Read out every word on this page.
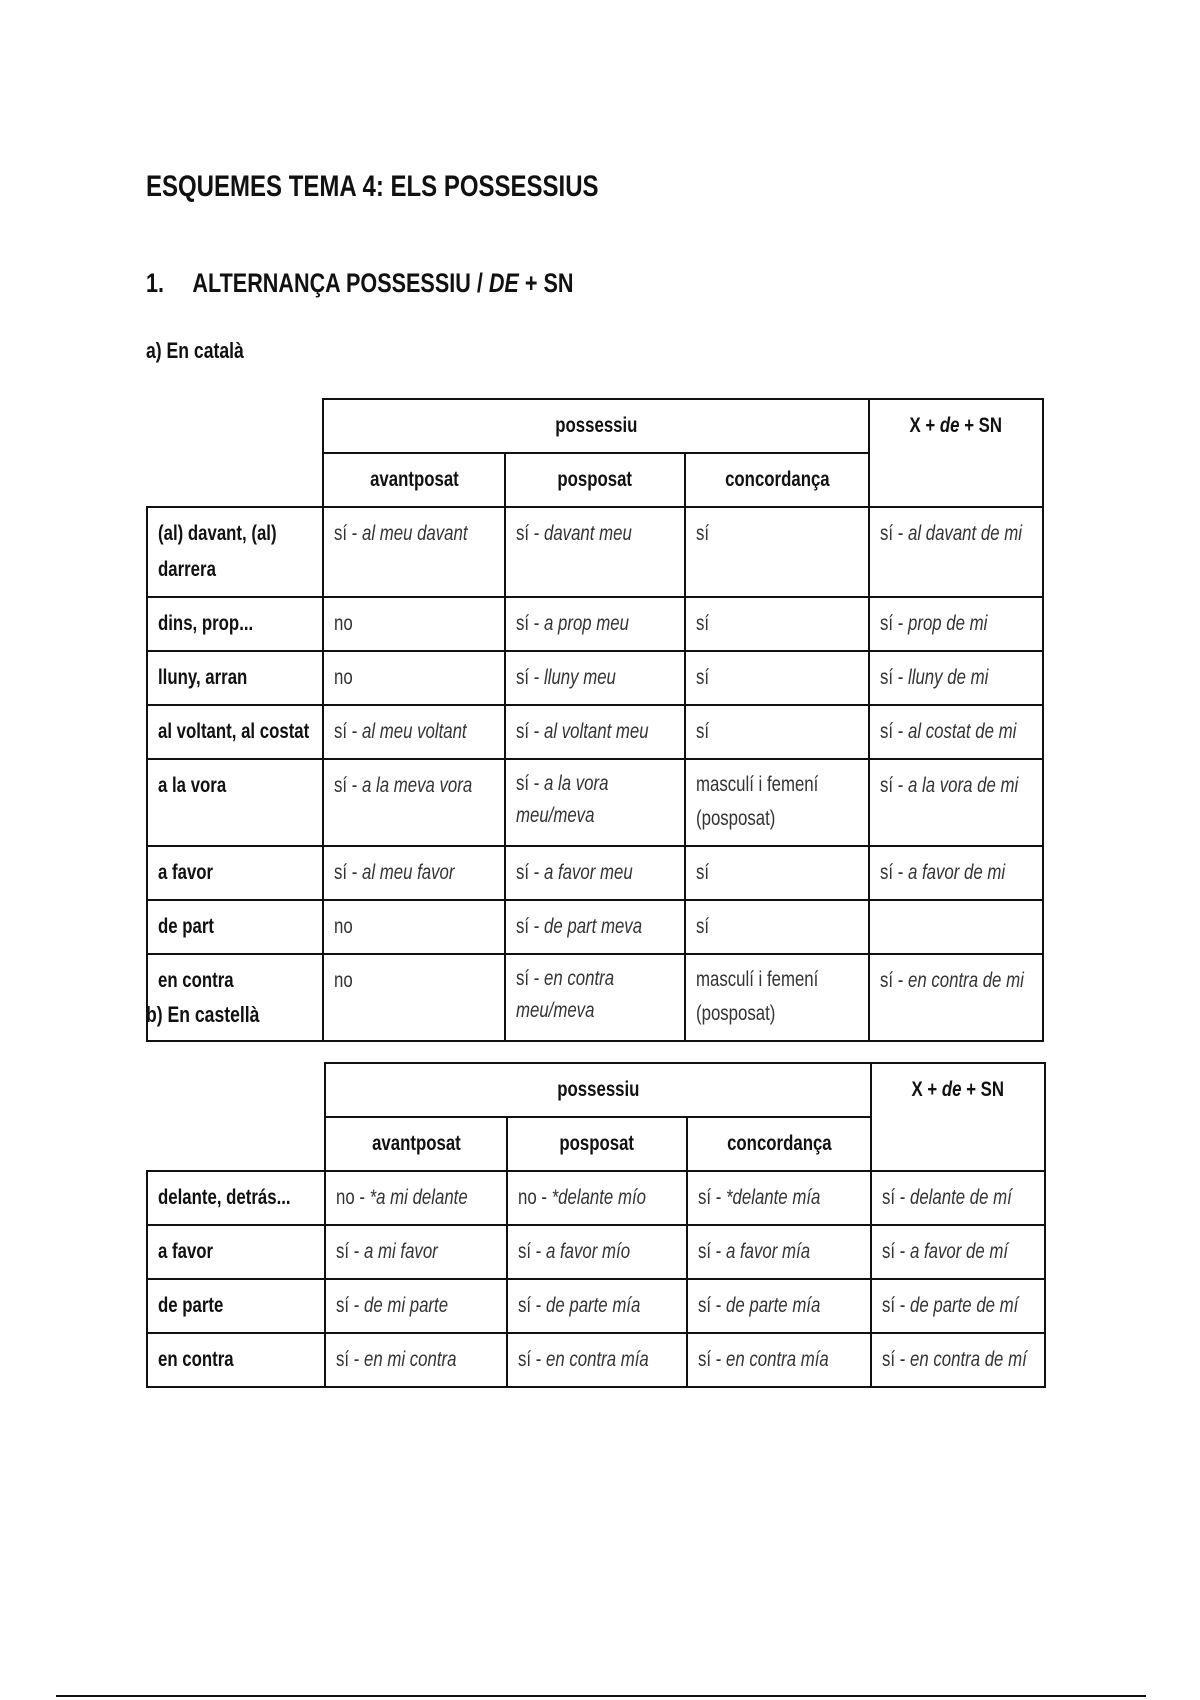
ESQUEMES TEMA 4: ELS POSSESSIUS
1. ALTERNANÇA POSSESSIU / DE + SN
a) En català
	possessiu			X + de + SN
	avantposat	posposat	concordança	
(al) davant, (al) darrera	sí - al meu davant	sí - davant meu	sí	sí - al davant de mi
dins, prop...	no	sí - a prop meu	sí	sí - prop de mi
lluny, arran	no	sí - lluny meu	sí	sí - lluny de mi
al voltant, al costat	sí - al meu voltant	sí - al voltant meu	sí	sí - al costat de mi
a la vora	sí - a la meva vora	sí - a la vora meu/meva	masculí i femení (posposat)	sí - a la vora de mi
a favor	sí - al meu favor	sí - a favor meu	sí	sí - a favor de mi
de part	no	sí - de part meva	sí	
en contra	no	sí - en contra meu/meva	masculí i femení (posposat)	sí - en contra de mi
b) En castellà
	possessiu			X + de + SN
	avantposat	posposat	concordança	
delante, detrás...	no - *a mi delante	no - *delante mío	sí - *delante mía	sí - delante de mí
a favor	sí - a mi favor	sí - a favor mío	sí - a favor mía	sí - a favor de mí
de parte	sí - de mi parte	sí - de parte mía	sí - de parte mía	sí - de parte de mí
en contra	sí - en mi contra	sí - en contra mía	sí - en contra mía	sí - en contra de mí
